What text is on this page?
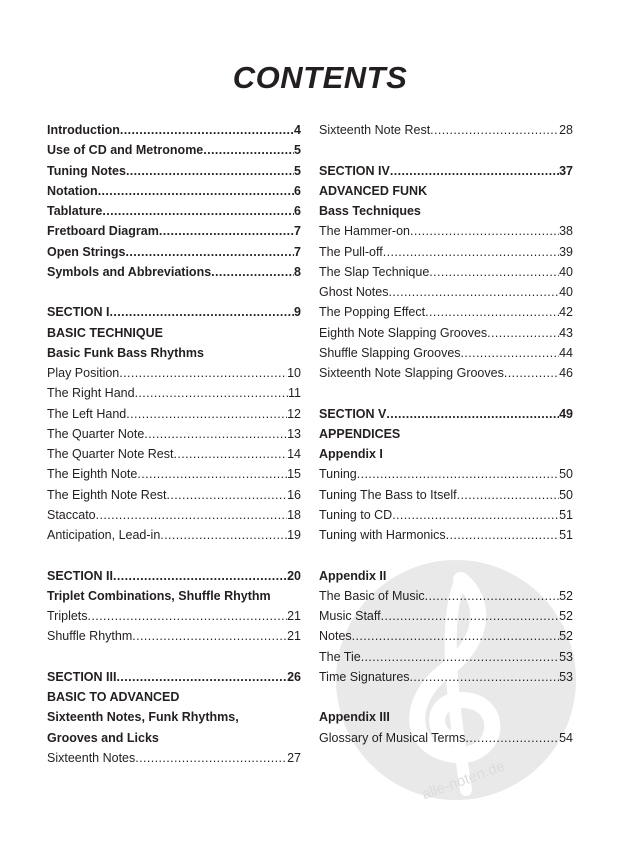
alle-noten.de
CONTENTS
Introduction .....	4
Use of CD and Metronome .....	5
Tuning Notes .....	5
Notation .....	6
Tablature .....	6
Fretboard Diagram .....	7
Open Strings .....	7
Symbols and Abbreviations .....	8
SECTION I .....	9
BASIC TECHNIQUE
Basic Funk Bass Rhythms
Play Position .....	10
The Right Hand .....	11
The Left Hand .....	12
The Quarter Note .....	13
The Quarter Note Rest .....	14
The Eighth Note .....	15
The Eighth Note Rest .....	16
Staccato .....	18
Anticipation, Lead-in .....	19
SECTION II .....	20
Triplet Combinations, Shuffle Rhythm
Triplets .....	21
Shuffle Rhythm .....	21
SECTION III .....	26
BASIC TO ADVANCED
Sixteenth Notes, Funk Rhythms,
Grooves and Licks
Sixteenth Notes .....	27
Sixteenth Note Rest .....	28
SECTION IV .....	37
ADVANCED FUNK
Bass Techniques
The Hammer-on .....	38
The Pull-off .....	39
The Slap Technique .....	40
Ghost Notes .....	40
The Popping Effect .....	42
Eighth Note Slapping Grooves .....	43
Shuffle Slapping Grooves .....	44
Sixteenth Note Slapping Grooves .....	46
SECTION V .....	49
APPENDICES
Appendix I
Tuning .....	50
Tuning The Bass to Itself .....	50
Tuning to CD .....	51
Tuning with Harmonics .....	51
Appendix II
The Basic of Music .....	52
Music Staff .....	52
Notes .....	52
The Tie .....	53
Time Signatures .....	53
Appendix III
Glossary of Musical Terms .....	54
